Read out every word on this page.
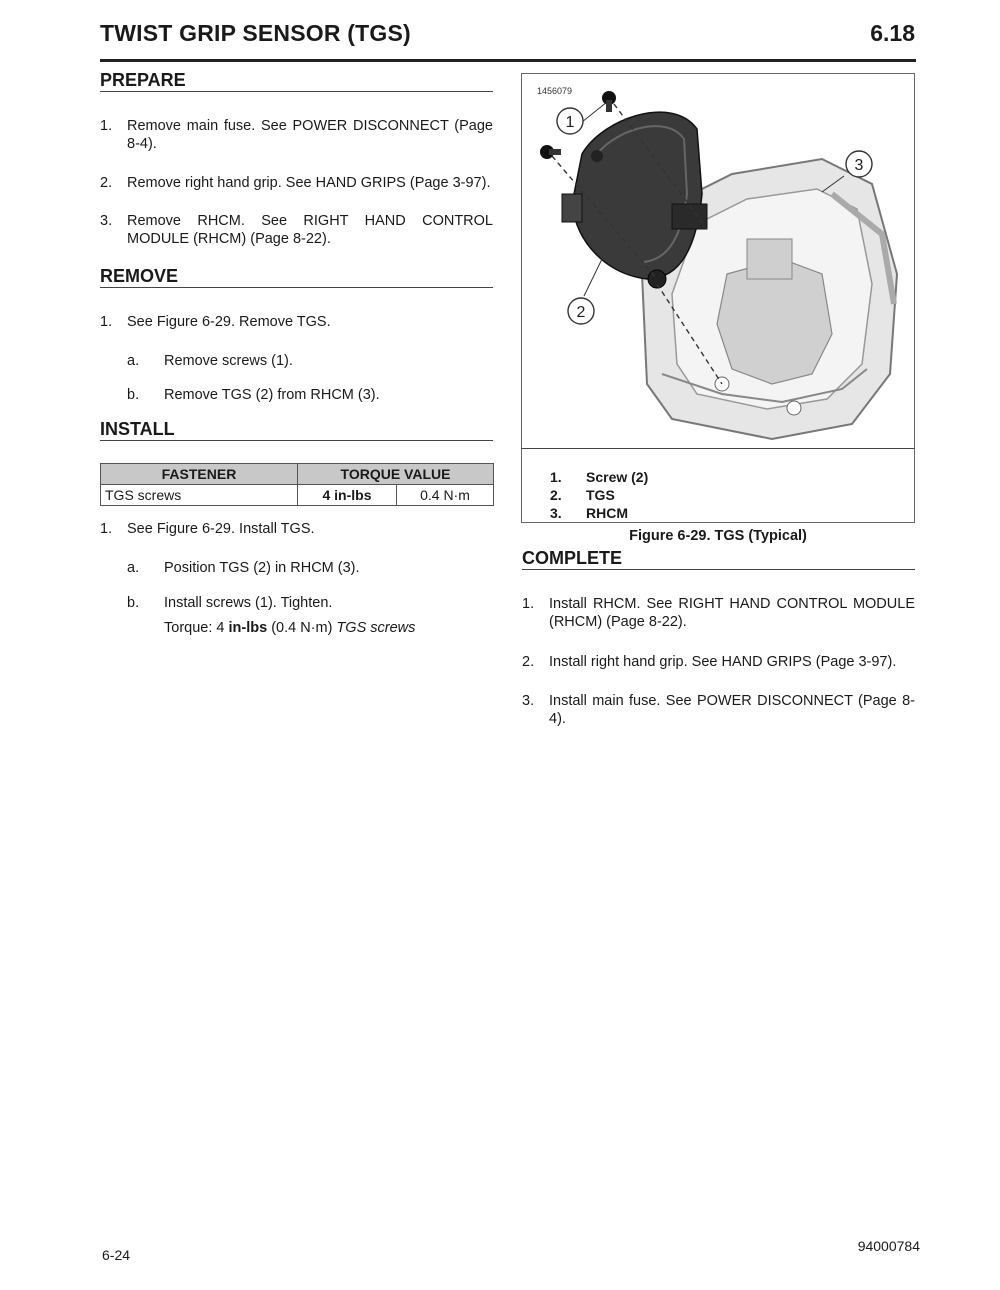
TWIST GRIP SENSOR (TGS)	6.18
PREPARE
1. Remove main fuse. See POWER DISCONNECT (Page 8-4).
2. Remove right hand grip. See HAND GRIPS (Page 3-97).
3. Remove RHCM. See RIGHT HAND CONTROL MODULE (RHCM) (Page 8-22).
REMOVE
1. See Figure 6-29. Remove TGS.
a. Remove screws (1).
b. Remove TGS (2) from RHCM (3).
INSTALL
FASTENER	TORQUE VALUE	
TGS screws	4 in-lbs	0.4 N·m
1. See Figure 6-29. Install TGS.
a. Position TGS (2) in RHCM (3).
b. Install screws (1). Tighten.
Torque: 4 in-lbs (0.4 N·m) TGS screws
1456079
1
2
3
1. Screw (2)
2. TGS
3. RHCM
Figure 6-29. TGS (Typical)
COMPLETE
1. Install RHCM. See RIGHT HAND CONTROL MODULE (RHCM) (Page 8-22).
2. Install right hand grip. See HAND GRIPS (Page 3-97).
3. Install main fuse. See POWER DISCONNECT (Page 8-4).
6-24
94000784
